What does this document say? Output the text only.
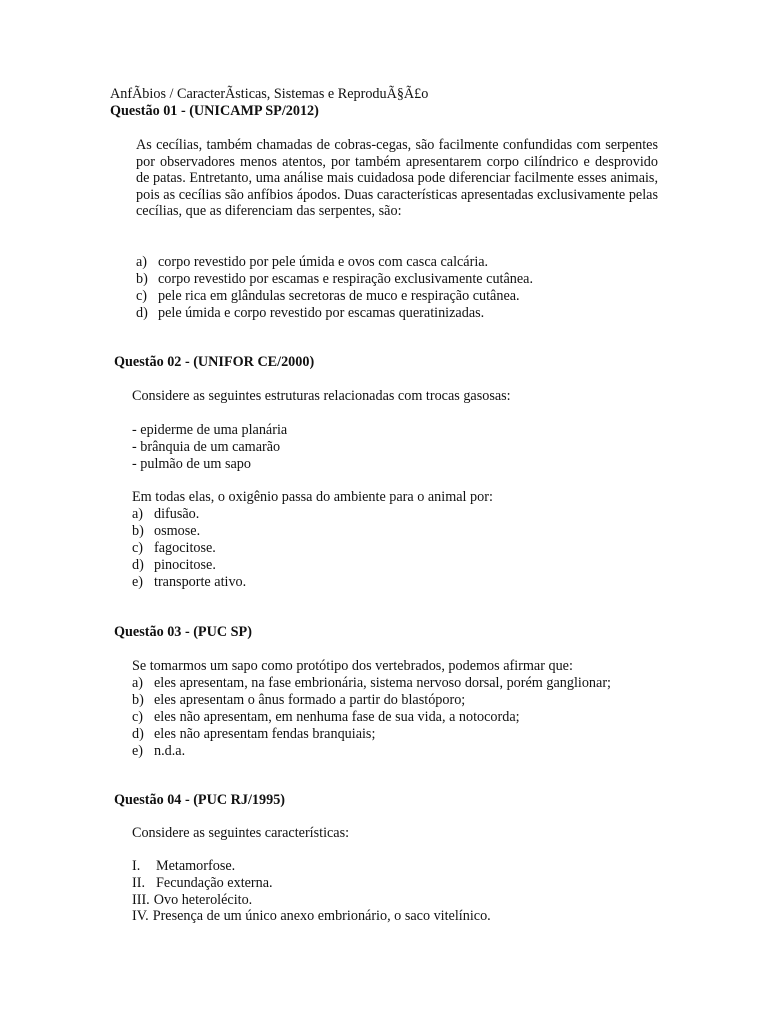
AnfÃbios / CaracterÃsticas, Sistemas e ReproduÃ§Ã£o
Questão 01 - (UNICAMP SP/2012)
As cecílias, também chamadas de cobras-cegas, são facilmente confundidas com serpentes por observadores menos atentos, por também apresentarem corpo cilíndrico e desprovido de patas. Entretanto, uma análise mais cuidadosa pode diferenciar facilmente esses animais, pois as cecílias são anfíbios ápodos. Duas características apresentadas exclusivamente pelas cecílias, que as diferenciam das serpentes, são:
a) corpo revestido por pele úmida e ovos com casca calcária.
b) corpo revestido por escamas e respiração exclusivamente cutânea.
c) pele rica em glândulas secretoras de muco e respiração cutânea.
d) pele úmida e corpo revestido por escamas queratinizadas.
Questão 02 - (UNIFOR CE/2000)
Considere as seguintes estruturas relacionadas com trocas gasosas:
- epiderme de uma planária
- brânquia de um camarão
- pulmão de um sapo
Em todas elas, o oxigênio passa do ambiente para o animal por:
a) difusão.
b) osmose.
c) fagocitose.
d) pinocitose.
e) transporte ativo.
Questão 03 - (PUC SP)
Se tomarmos um sapo como protótipo dos vertebrados, podemos afirmar que:
a) eles apresentam, na fase embrionária, sistema nervoso dorsal, porém ganglionar;
b) eles apresentam o ânus formado a partir do blastóporo;
c) eles não apresentam, em nenhuma fase de sua vida, a notocorda;
d) eles não apresentam fendas branquiais;
e) n.d.a.
Questão 04 - (PUC RJ/1995)
Considere as seguintes características:
I. Metamorfose.
II. Fecundação externa.
III. Ovo heterolécito.
IV. Presença de um único anexo embrionário, o saco vitelínico.
